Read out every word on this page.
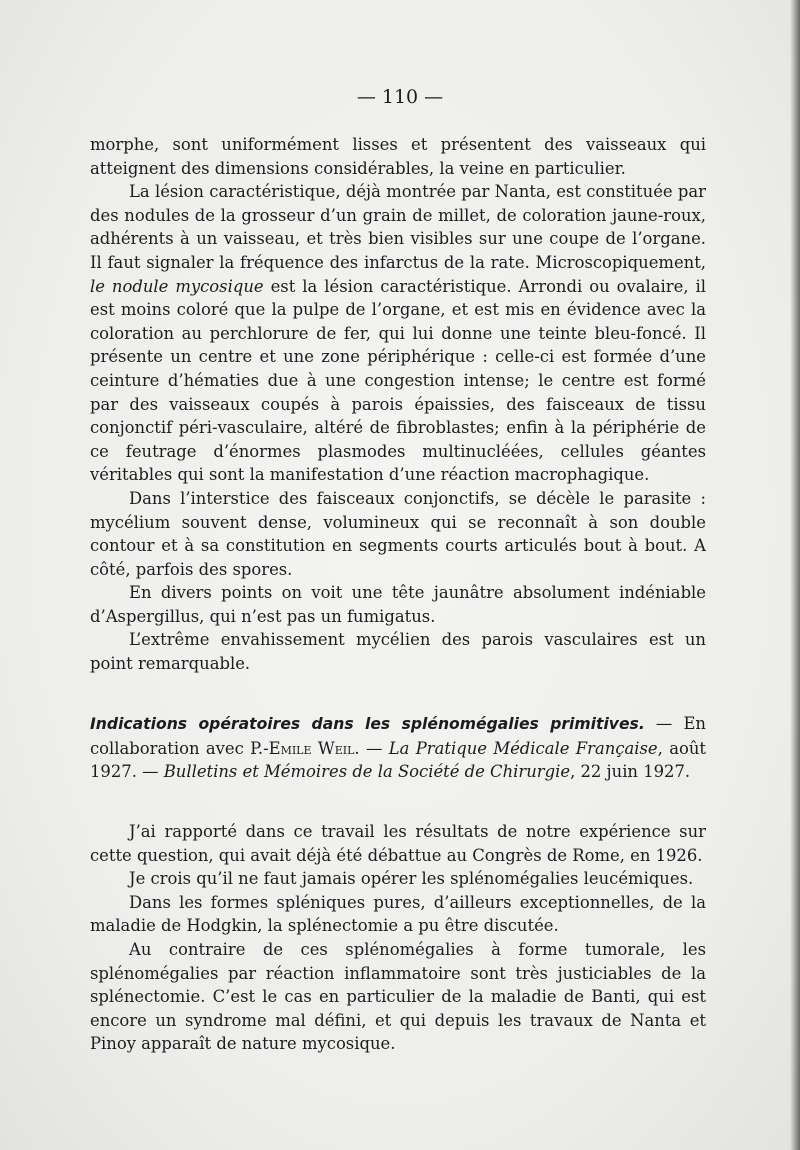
— 110 —

morphe, sont uniformément lisses et présentent des vaisseaux qui atteignent des dimensions considérables, la veine en particulier.

La lésion caractéristique, déjà montrée par Nanta, est constituée par des nodules de la grosseur d’un grain de millet, de coloration jaune-roux, adhérents à un vaisseau, et très bien visibles sur une coupe de l’organe. Il faut signaler la fréquence des infarctus de la rate. Microscopiquement, le nodule mycosique est la lésion caractéristique. Arrondi ou ovalaire, il est moins coloré que la pulpe de l’organe, et est mis en évidence avec la coloration au perchlorure de fer, qui lui donne une teinte bleu-foncé. Il présente un centre et une zone périphérique : celle-ci est formée d’une ceinture d’hématies due à une congestion intense; le centre est formé par des vaisseaux coupés à parois épaissies, des faisceaux de tissu conjonctif péri-vasculaire, altéré de fibroblastes; enfin à la périphérie de ce feutrage d’énormes plasmodes multinucléées, cellules géantes véritables qui sont la manifestation d’une réaction macrophagique.

Dans l’interstice des faisceaux conjonctifs, se décèle le parasite : mycélium souvent dense, volumineux qui se reconnaît à son double contour et à sa constitution en segments courts articulés bout à bout. A côté, parfois des spores.

En divers points on voit une tête jaunâtre absolument indéniable d’Aspergillus, qui n’est pas un fumigatus.

L’extrême envahissement mycélien des parois vasculaires est un point remarquable.

Indications opératoires dans les splénomégalies primitives. — En collaboration avec P.-Emile Weil. — La Pratique Médicale Française, août 1927. — Bulletins et Mémoires de la Société de Chirurgie, 22 juin 1927.

J’ai rapporté dans ce travail les résultats de notre expérience sur cette question, qui avait déjà été débattue au Congrès de Rome, en 1926.

Je crois qu’il ne faut jamais opérer les splénomégalies leucémiques.

Dans les formes spléniques pures, d’ailleurs exceptionnelles, de la maladie de Hodgkin, la splénectomie a pu être discutée.

Au contraire de ces splénomégalies à forme tumorale, les splénomégalies par réaction inflammatoire sont très justiciables de la splénectomie. C’est le cas en particulier de la maladie de Banti, qui est encore un syndrome mal défini, et qui depuis les travaux de Nanta et Pinoy apparaît de nature mycosique.
